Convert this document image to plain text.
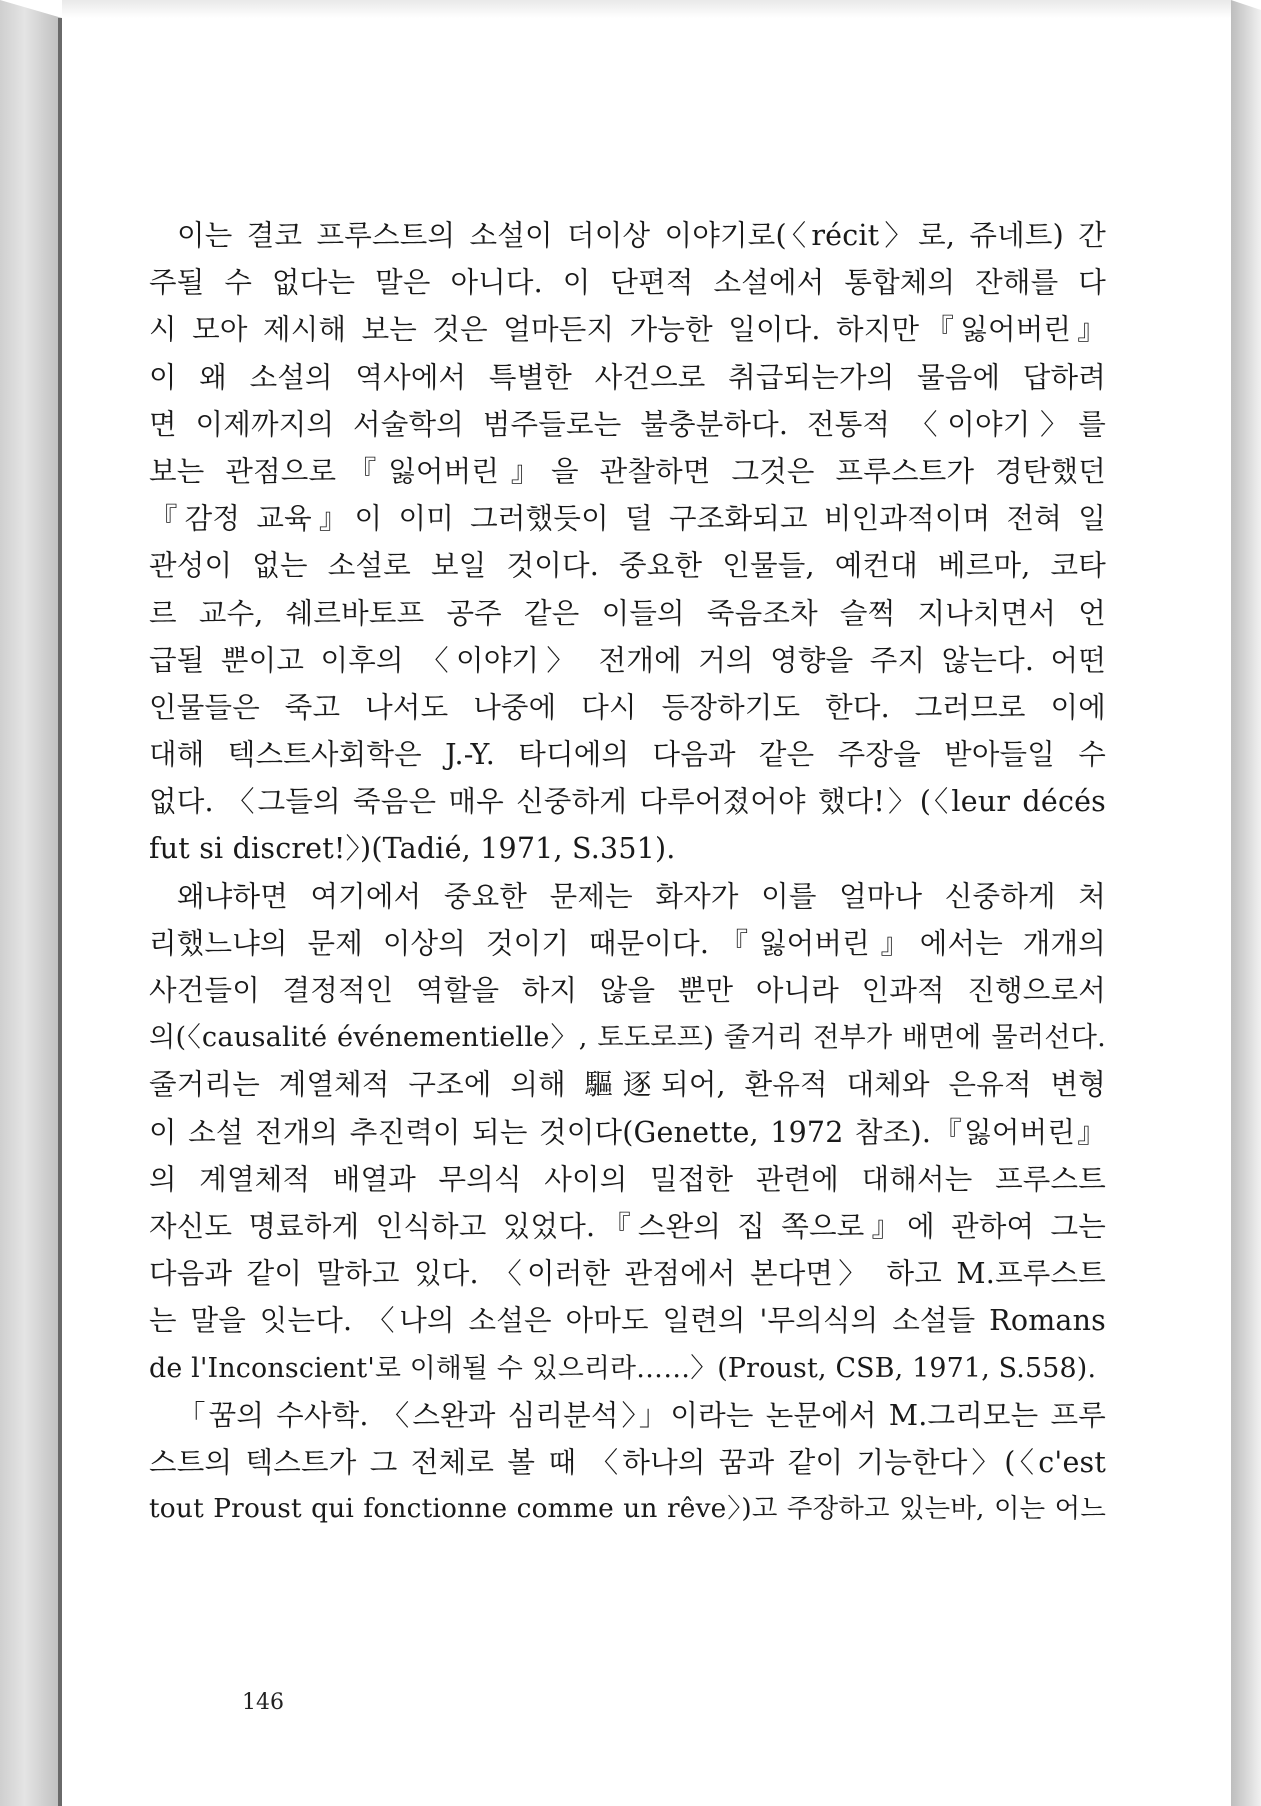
이는 결코 프루스트의 소설이 더이상 이야기로(〈récit〉로, 쥬네트) 간
주될 수 없다는 말은 아니다. 이 단편적 소설에서 통합체의 잔해를 다
시 모아 제시해 보는 것은 얼마든지 가능한 일이다. 하지만『잃어버린』
이 왜 소설의 역사에서 특별한 사건으로 취급되는가의 물음에 답하려
면 이제까지의 서술학의 범주들로는 불충분하다. 전통적 〈이야기〉를
보는 관점으로『잃어버린』을 관찰하면 그것은 프루스트가 경탄했던
『감정 교육』이 이미 그러했듯이 덜 구조화되고 비인과적이며 전혀 일
관성이 없는 소설로 보일 것이다. 중요한 인물들, 예컨대 베르마, 코타
르 교수, 쉐르바토프 공주 같은 이들의 죽음조차 슬쩍 지나치면서 언
급될 뿐이고 이후의 〈이야기〉 전개에 거의 영향을 주지 않는다. 어떤
인물들은 죽고 나서도 나중에 다시 등장하기도 한다. 그러므로 이에
대해 텍스트사회학은 J.-Y. 타디에의 다음과 같은 주장을 받아들일 수
없다. 〈그들의 죽음은 매우 신중하게 다루어졌어야 했다!〉(〈leur décés
fut si discret!〉)(Tadié, 1971, S.351).
왜냐하면 여기에서 중요한 문제는 화자가 이를 얼마나 신중하게 처
리했느냐의 문제 이상의 것이기 때문이다.『잃어버린』에서는 개개의
사건들이 결정적인 역할을 하지 않을 뿐만 아니라 인과적 진행으로서
의(〈causalité événementielle〉, 토도로프) 줄거리 전부가 배면에 물러선다.
줄거리는 계열체적 구조에 의해 驅逐되어, 환유적 대체와 은유적 변형
이 소설 전개의 추진력이 되는 것이다(Genette, 1972 참조).『잃어버린』
의 계열체적 배열과 무의식 사이의 밀접한 관련에 대해서는 프루스트
자신도 명료하게 인식하고 있었다.『스완의 집 쪽으로』에 관하여 그는
다음과 같이 말하고 있다. 〈이러한 관점에서 본다면〉 하고 M.프루스트
는 말을 잇는다. 〈나의 소설은 아마도 일련의 '무의식의 소설들 Romans
de l'Inconscient'로 이해될 수 있으리라……〉(Proust, CSB, 1971, S.558).
「꿈의 수사학. 〈스완과 심리분석〉」이라는 논문에서 M.그리모는 프루
스트의 텍스트가 그 전체로 볼 때 〈하나의 꿈과 같이 기능한다〉(〈c'est
tout Proust qui fonctionne comme un rêve〉)고 주장하고 있는바, 이는 어느
146
